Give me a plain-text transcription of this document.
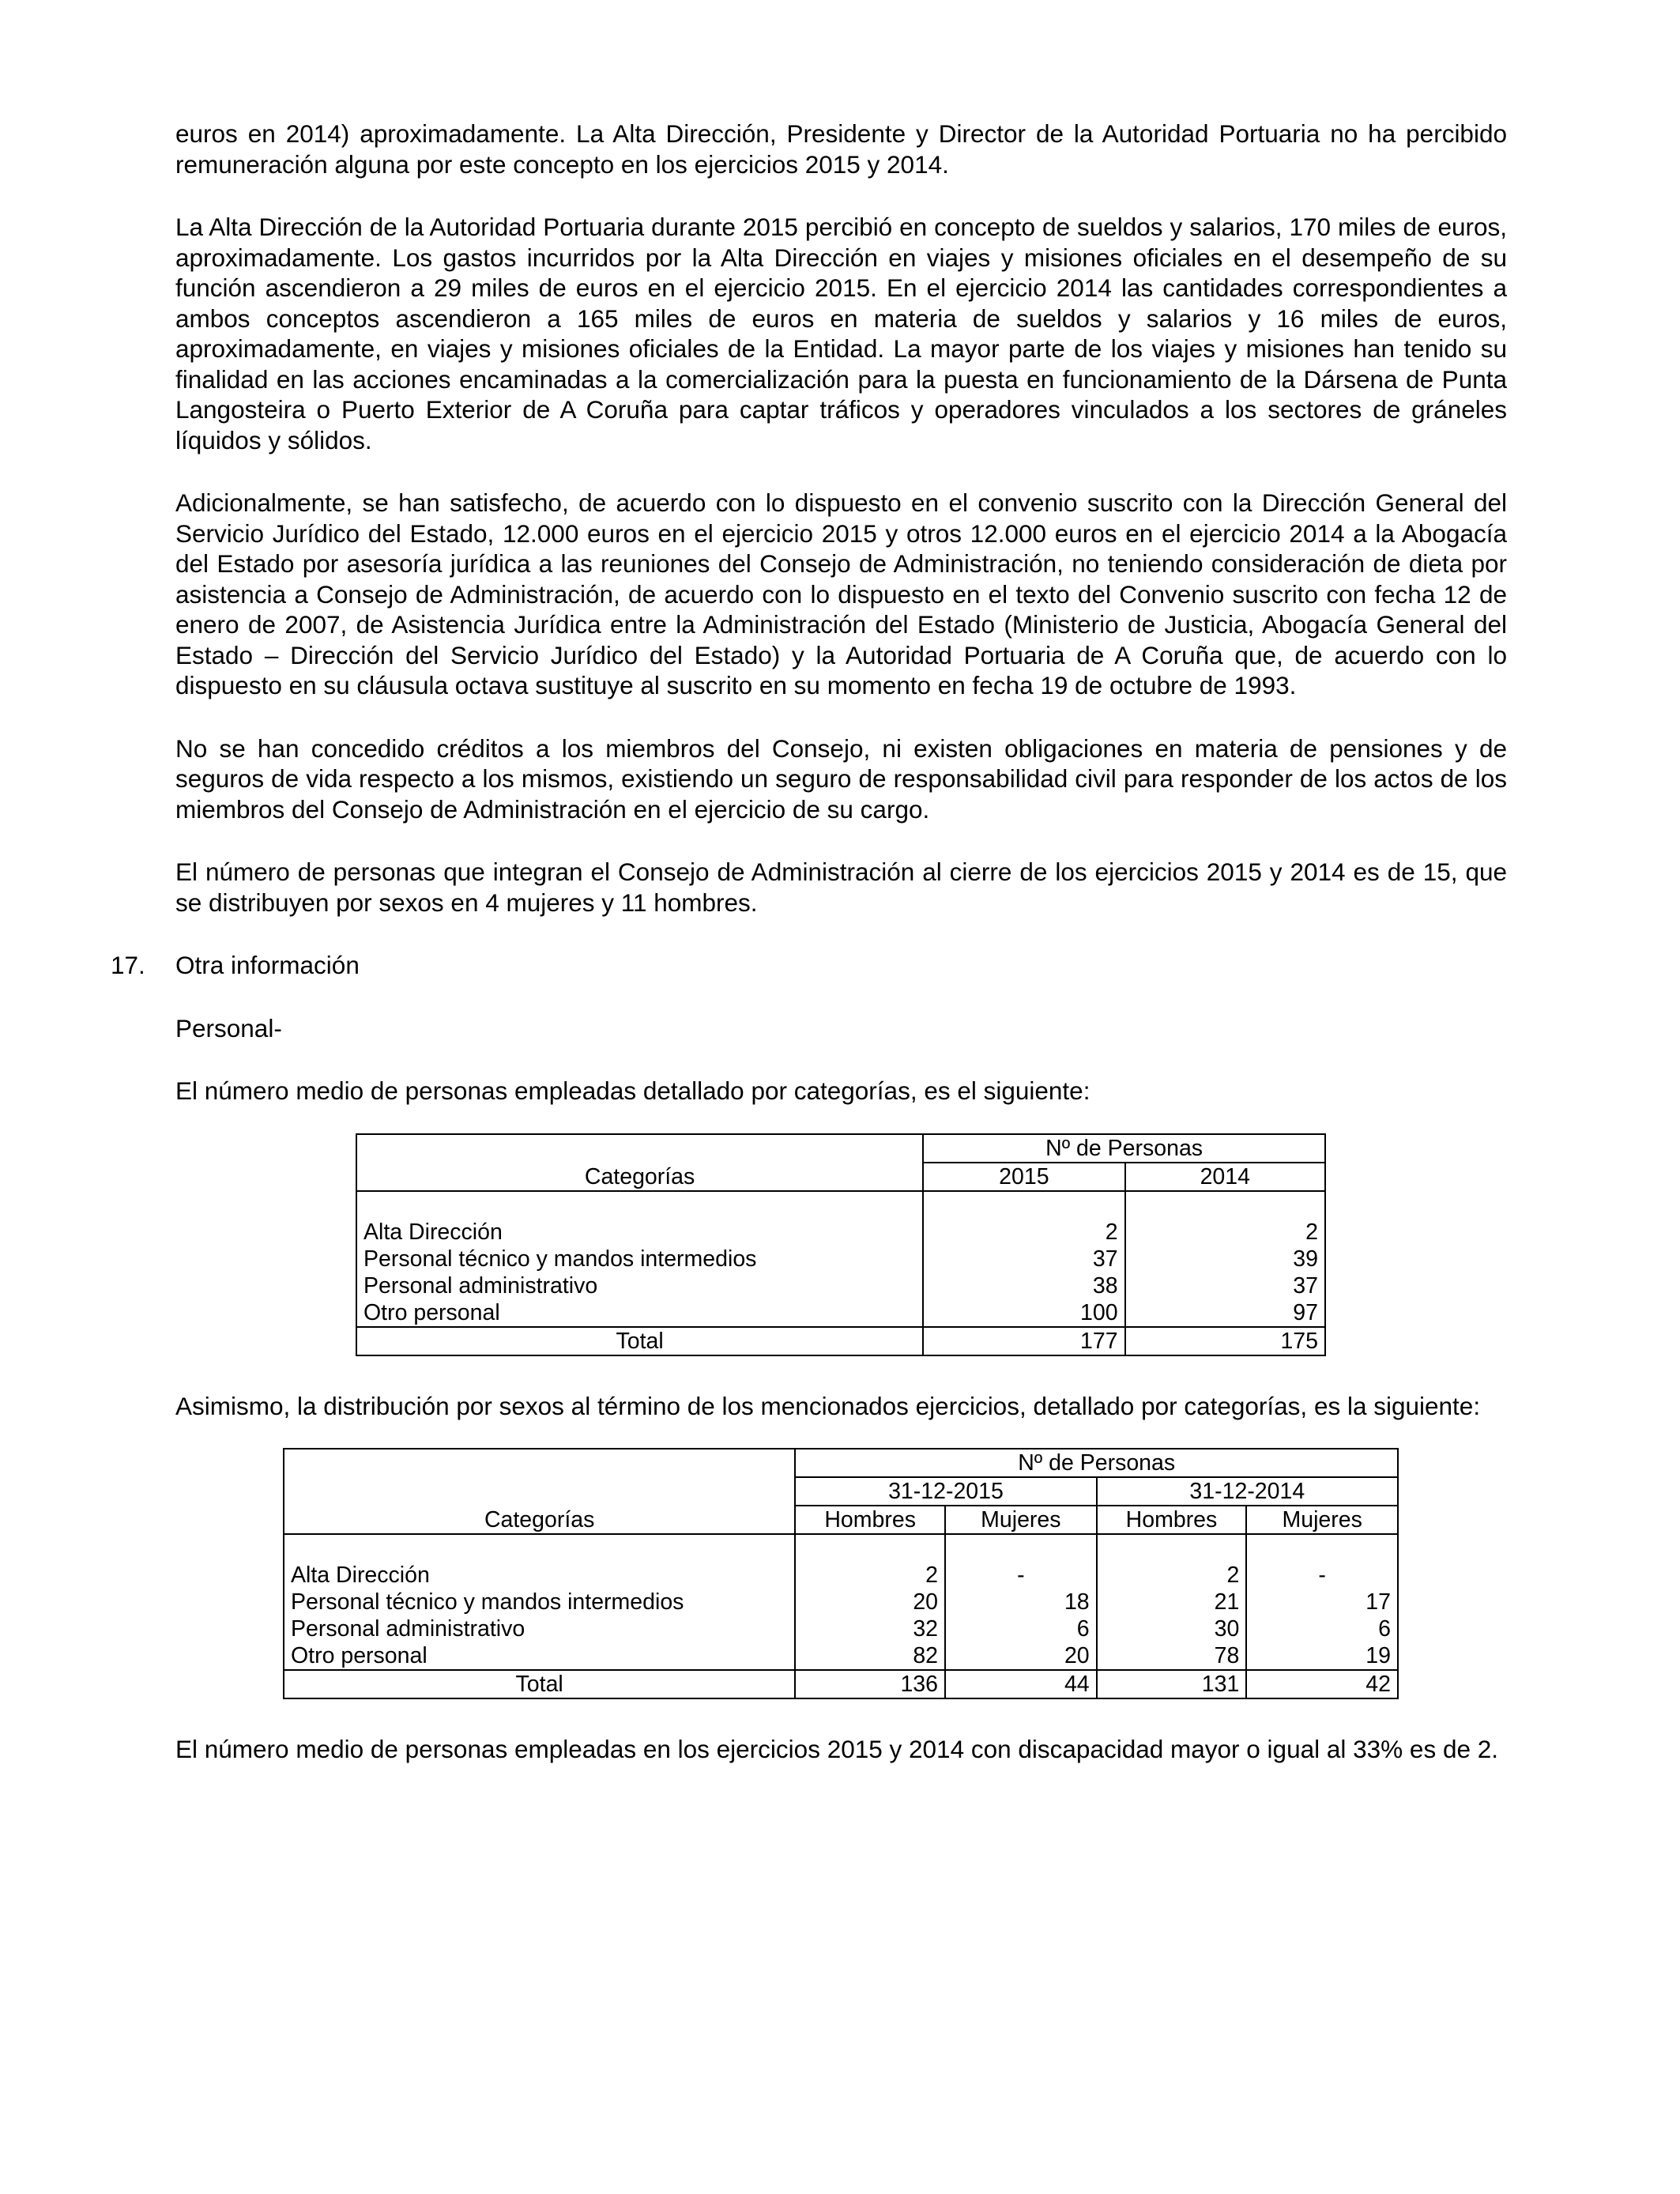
euros en 2014) aproximadamente. La Alta Dirección, Presidente y Director de la Autoridad Portuaria no ha percibido remuneración alguna por este concepto en los ejercicios 2015 y 2014.

La Alta Dirección de la Autoridad Portuaria durante 2015 percibió en concepto de sueldos y salarios, 170 miles de euros, aproximadamente. Los gastos incurridos por la Alta Dirección en viajes y misiones oficiales en el desempeño de su función ascendieron a 29 miles de euros en el ejercicio 2015. En el ejercicio 2014 las cantidades correspondientes a ambos conceptos ascendieron a 165 miles de euros en materia de sueldos y salarios y 16 miles de euros, aproximadamente, en viajes y misiones oficiales de la Entidad. La mayor parte de los viajes y misiones han tenido su finalidad en las acciones encaminadas a la comercialización para la puesta en funcionamiento de la Dársena de Punta Langosteira o Puerto Exterior de A Coruña para captar tráficos y operadores vinculados a los sectores de gráneles líquidos y sólidos.

Adicionalmente, se han satisfecho, de acuerdo con lo dispuesto en el convenio suscrito con la Dirección General del Servicio Jurídico del Estado, 12.000 euros en el ejercicio 2015 y otros 12.000 euros en el ejercicio 2014 a la Abogacía del Estado por asesoría jurídica a las reuniones del Consejo de Administración, no teniendo consideración de dieta por asistencia a Consejo de Administración, de acuerdo con lo dispuesto en el texto del Convenio suscrito con fecha 12 de enero de 2007, de Asistencia Jurídica entre la Administración del Estado (Ministerio de Justicia, Abogacía General del Estado – Dirección del Servicio Jurídico del Estado) y la Autoridad Portuaria de A Coruña que, de acuerdo con lo dispuesto en su cláusula octava sustituye al suscrito en su momento en fecha 19 de octubre de 1993.

No se han concedido créditos a los miembros del Consejo, ni existen obligaciones en materia de pensiones y de seguros de vida respecto a los mismos, existiendo un seguro de responsabilidad civil para responder de los actos de los miembros del Consejo de Administración en el ejercicio de su cargo.

El número de personas que integran el Consejo de Administración al cierre de los ejercicios 2015 y 2014 es de 15, que se distribuyen por sexos en 4 mujeres y 11 hombres.

17. Otra información

Personal-

El número medio de personas empleadas detallado por categorías, es el siguiente:

Categorías	Nº de Personas	
	2015	2014

Alta Dirección	2	2
Personal técnico y mandos intermedios	37	39
Personal administrativo	38	37
Otro personal	100	97
Total	177	175

Asimismo, la distribución por sexos al término de los mencionados ejercicios, detallado por categorías, es la siguiente:

Categorías	Nº de Personas			
	31-12-2015		31-12-2014	
	Hombres	Mujeres	Hombres	Mujeres

Alta Dirección	2	-	2	-
Personal técnico y mandos intermedios	20	18	21	17
Personal administrativo	32	6	30	6
Otro personal	82	20	78	19
Total	136	44	131	42

El número medio de personas empleadas en los ejercicios 2015 y 2014 con discapacidad mayor o igual al 33% es de 2.
